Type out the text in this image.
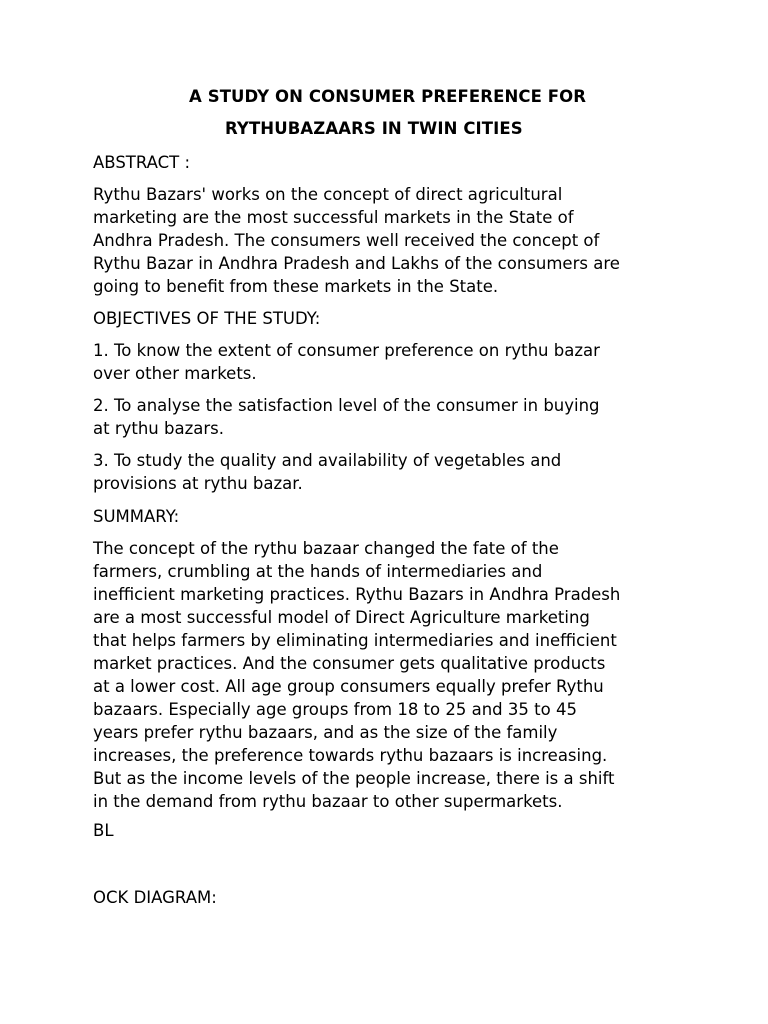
A STUDY ON CONSUMER PREFERENCE FOR

RYTHUBAZAARS IN TWIN CITIES

ABSTRACT :

Rythu Bazars' works on the concept of direct agricultural
marketing are the most successful markets in the State of
Andhra Pradesh. The consumers well received the concept of
Rythu Bazar in Andhra Pradesh and Lakhs of the consumers are
going to benefit from these markets in the State.

OBJECTIVES OF THE STUDY:

1. To know the extent of consumer preference on rythu bazar
over other markets.

2. To analyse the satisfaction level of the consumer in buying
at rythu bazars.

3. To study the quality and availability of vegetables and
provisions at rythu bazar.

SUMMARY:

The concept of the rythu bazaar changed the fate of the
farmers, crumbling at the hands of intermediaries and
inefficient marketing practices. Rythu Bazars in Andhra Pradesh
are a most successful model of Direct Agriculture marketing
that helps farmers by eliminating intermediaries and inefficient
market practices. And the consumer gets qualitative products
at a lower cost. All age group consumers equally prefer Rythu
bazaars. Especially age groups from 18 to 25 and 35 to 45
years prefer rythu bazaars, and as the size of the family
increases, the preference towards rythu bazaars is increasing.
But as the income levels of the people increase, there is a shift
in the demand from rythu bazaar to other supermarkets.

BL

OCK DIAGRAM:
